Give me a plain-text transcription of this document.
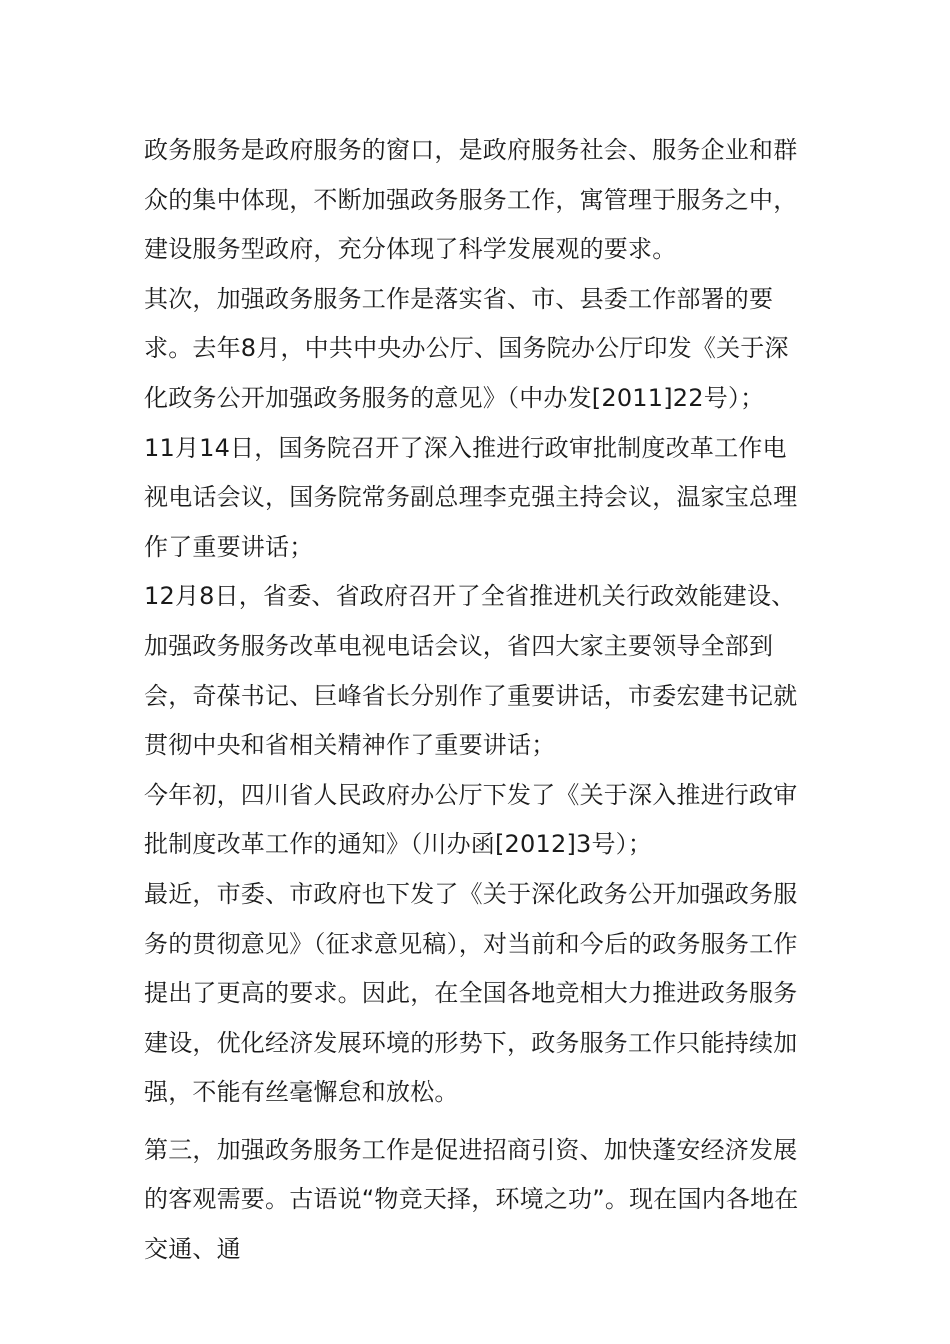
政务服务是政府服务的窗口，是政府服务社会、服务企业和群众的集中体现，不断加强政务服务工作，寓管理于服务之中，建设服务型政府，充分体现了科学发展观的要求。

其次，加强政务服务工作是落实省、市、县委工作部署的要求。去年8月，中共中央办公厅、国务院办公厅印发《关于深化政务公开加强政务服务的意见》（中办发[2011]22号）；

11月14日，国务院召开了深入推进行政审批制度改革工作电视电话会议，国务院常务副总理李克强主持会议，温家宝总理作了重要讲话；

12月8日，省委、省政府召开了全省推进机关行政效能建设、加强政务服务改革电视电话会议，省四大家主要领导全部到会，奇葆书记、巨峰省长分别作了重要讲话，市委宏建书记就贯彻中央和省相关精神作了重要讲话；

今年初，四川省人民政府办公厅下发了《关于深入推进行政审批制度改革工作的通知》（川办函[2012]3号）；

最近，市委、市政府也下发了《关于深化政务公开加强政务服务的贯彻意见》（征求意见稿），对当前和今后的政务服务工作提出了更高的要求。因此，在全国各地竞相大力推进政务服务建设，优化经济发展环境的形势下，政务服务工作只能持续加强，不能有丝毫懈怠和放松。

第三，加强政务服务工作是促进招商引资、加快蓬安经济发展的客观需要。古语说“物竞天择，环境之功”。现在国内各地在交通、通
